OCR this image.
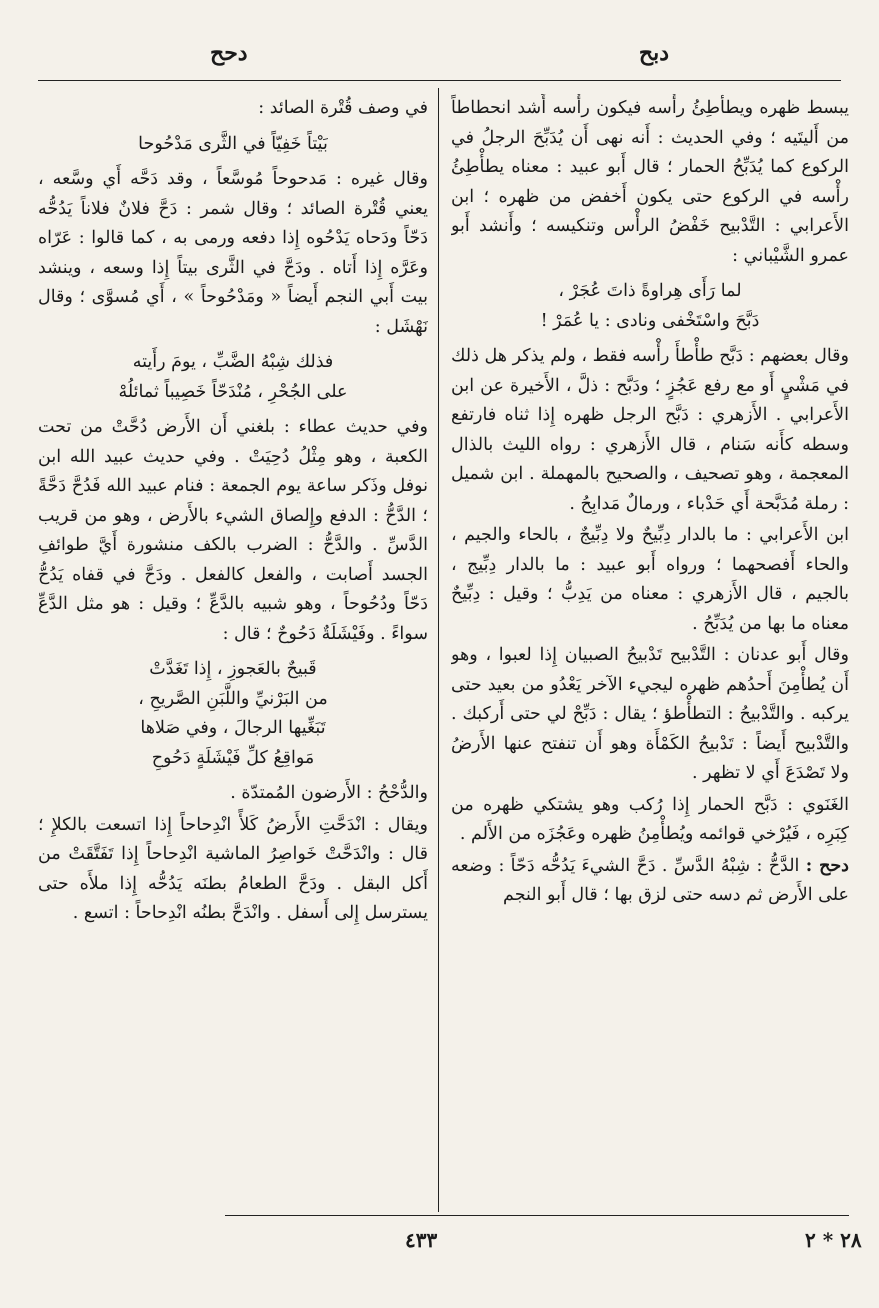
دبح
دحح

يبسط ظهره ويطأطِئُ رأْسه فيكون رأْسه أَشد انحطاطاً من أَليتَيه ؛ وفي الحديث : أَنه نهى أَن يُدَبِّحَ الرجلُ في الركوع كما يُدَبِّحُ الحمار ؛ قال أَبو عبيد : معناه يطأْطِئُ رأْسه في الركوع حتى يكون أَخفض من ظهره ؛ ابن الأَعرابي : التَّدْبيح خَفْضُ الرأْس وتنكيسه ؛ وأَنشد أَبو عمرو الشَّيْباني :

لما رَأَى هِراوةً ذاتَ عُجَرْ ،
دَبَّحَ واسْتَخْفى ونادى : يا عُمَرْ !

وقال بعضهم : دَبَّح طأْطأَ رأْسه فقط ، ولم يذكر هل ذلك في مَشْيٍ أَو مع رفع عَجُزٍ ؛ ودَبَّح : ذلَّ ، الأَخيرة عن ابن الأَعرابي . الأَزهري : دَبَّح الرجل ظهره إِذا ثناه فارتفع وسطه كأَنه سَنام ، قال الأَزهري : رواه الليث بالذال المعجمة ، وهو تصحيف ، والصحيح بالمهملة . ابن شميل : رملة مُدَبَّحة أَي حَدْباء ، ورمالٌ مَدابِحُ .

ابن الأَعرابي : ما بالدار دِبِّيحٌ ولا دِبِّيجٌ ، بالحاء والجيم ، والحاء أَفصحهما ؛ ورواه أَبو عبيد : ما بالدار دِبِّيج ، بالجيم ، قال الأَزهري : معناه من يَدِبُّ ؛ وقيل : دِبِّيحٌ معناه ما بها من يُدَبِّحُ .

وقال أَبو عدنان : التَّدْبيح تَدْبيحُ الصبيان إِذا لعبوا ، وهو أَن يُطأْمِنَ أَحدُهم ظهره ليجيء الآخر يَعْدُو من بعيد حتى يركبه . والتَّدْبيحُ : التطأْطؤ ؛ يقال : دَبِّحْ لي حتى أَركبك . والتَّدْبيح أَيضاً : تَدْبيحُ الكَمْأَة وهو أَن تنفتح عنها الأَرضُ ولا تَصْدَعَ أَي لا تظهر .

الغَنَوي : دَبَّح الحمار إِذا رُكب وهو يشتكي ظهره من كِبَرِه ، فَيُرْخي قوائمه ويُطأْمِنُ ظهره وعَجُزَه من الأَلم .

دحح : الدَّحُّ : شِبْهُ الدَّسِّ . دَحَّ الشيءَ يَدُحُّه دَحّاً : وضعه على الأَرض ثم دسه حتى لزق بها ؛ قال أَبو النجم

في وصف قُتْرة الصائد :

بَيْتاً خَفِيّاً في الثَّرى مَدْحُوحا

وقال غيره : مَدحوحاً مُوسَّعاً ، وقد دَحَّه أَي وسَّعه ، يعني قُتْرة الصائد ؛ وقال شمر : دَحَّ فلانٌ فلاناً يَدُحُّه دَحّاً ودَحاه يَدْحُوه إِذا دفعه ورمى به ، كما قالوا : عَرّاه وعَرَّه إِذا أَتاه . ودَحَّ في الثَّرى بيتاً إِذا وسعه ، وينشد بيت أَبي النجم أَيضاً « ومَدْحُوحاً » ، أَي مُسوَّى ؛ وقال نَهْشَل :

فذلك شِبْهُ الضَّبِّ ، يومَ رأَيته
على الجُحْرِ ، مُنْدَحّاً خَصِيباً ثمائلُهْ

وفي حديث عطاء : بلغني أَن الأَرض دُحَّتْ من تحت الكعبة ، وهو مِثْلُ دُحِيَتْ . وفي حديث عبيد الله ابن نوفل وذَكر ساعة يوم الجمعة : فنام عبيد الله فَدُحَّ دَحَّةً ؛ الدَّحُّ : الدفع وإِلصاق الشيء بالأَرض ، وهو من قريب الدَّسِّ . والدَّحُّ : الضرب بالكف منشورة أَيَّ طوائفِ الجسد أَصابت ، والفعل كالفعل . ودَحَّ في قفاه يَدُحُّ دَحّاً ودُحُوحاً ، وهو شبيه بالدَّعِّ ؛ وقيل : هو مثل الدَّعِّ سواءً . وفَيْشَلَةٌ دَحُوحٌ ؛ قال :

قَبيحٌ بالعَجوزِ ، إِذا تَغَدَّتْ
من البَرْنيِّ واللَّبَنِ الصَّريحِ ،
تَبَغِّيها الرجالَ ، وفي صَلاها
مَواقِعُ كلِّ فَيْشَلَةٍ دَحُوحِ

والدُّحْحُ : الأَرضون المُمتدّة .

ويقال : انْدَحَّتِ الأَرضُ كَلأً انْدِحاحاً إِذا اتسعت بالكلإِ ؛ قال : وانْدَحَّتْ خَواصِرُ الماشية انْدِحاحاً إِذا تَفَتَّقَتْ من أَكل البقل . ودَحَّ الطعامُ بطنَه يَدُحُّه إِذا ملأَه حتى يسترسل إِلى أَسفل . وانْدَحَّ بطنُه انْدِحاحاً : اتسع .

٤٣٣	٢٨ * ٢
